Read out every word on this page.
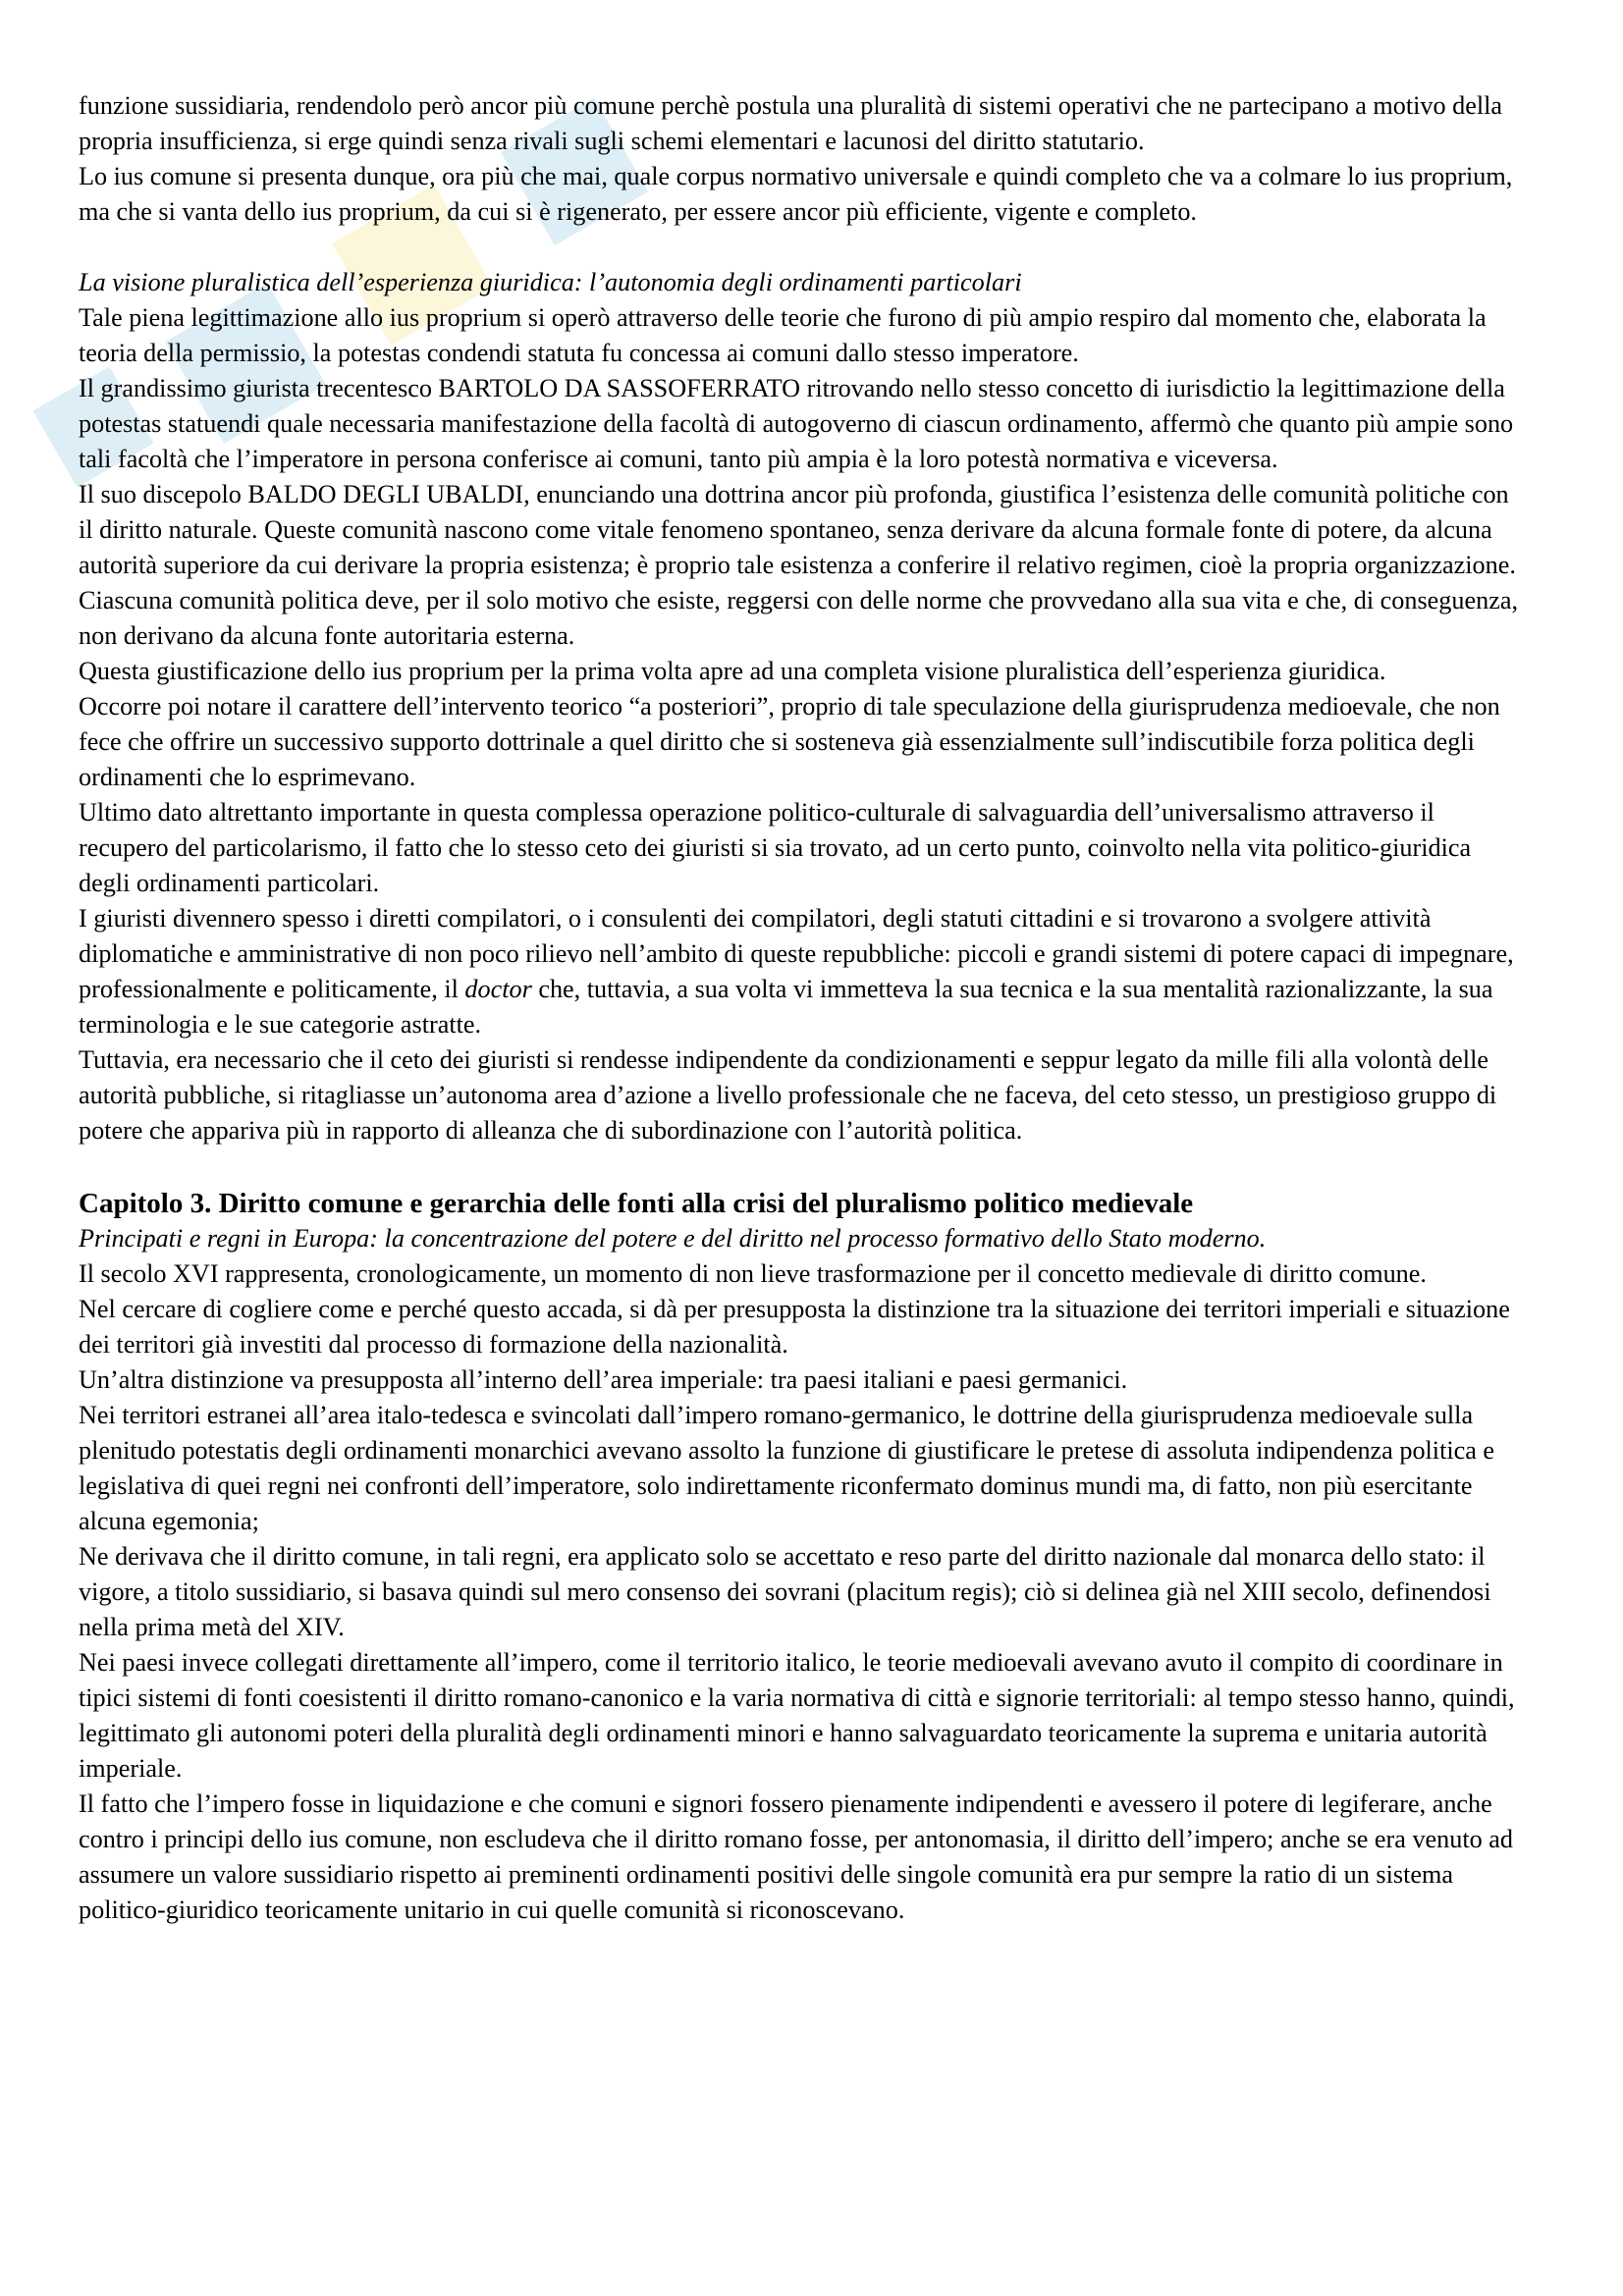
funzione sussidiaria, rendendolo però ancor più comune perchè postula una pluralità di sistemi operativi che ne partecipano a motivo della propria insufficienza, si erge quindi senza rivali sugli schemi elementari e lacunosi del diritto statutario.

Lo ius comune si presenta dunque, ora più che mai, quale corpus normativo universale e quindi completo che va a colmare lo ius proprium, ma che si vanta dello ius proprium, da cui si è rigenerato, per essere ancor più efficiente, vigente e completo.

La visione pluralistica dell’esperienza giuridica: l’autonomia degli ordinamenti particolari

Tale piena legittimazione allo ius proprium si operò attraverso delle teorie che furono di più ampio respiro dal momento che, elaborata la teoria della permissio, la potestas condendi statuta fu concessa ai comuni dallo stesso imperatore.

Il grandissimo giurista trecentesco BARTOLO DA SASSOFERRATO ritrovando nello stesso concetto di iurisdictio la legittimazione della potestas statuendi quale necessaria manifestazione della facoltà di autogoverno di ciascun ordinamento, affermò che quanto più ampie sono tali facoltà che l’imperatore in persona conferisce ai comuni, tanto più ampia è la loro potestà normativa e viceversa.

Il suo discepolo BALDO DEGLI UBALDI, enunciando una dottrina ancor più profonda, giustifica l’esistenza delle comunità politiche con il diritto naturale. Queste comunità nascono come vitale fenomeno spontaneo, senza derivare da alcuna formale fonte di potere, da alcuna autorità superiore da cui derivare la propria esistenza; è proprio tale esistenza a conferire il relativo regimen, cioè la propria organizzazione. Ciascuna comunità politica deve, per il solo motivo che esiste, reggersi con delle norme che provvedano alla sua vita e che, di conseguenza, non derivano da alcuna fonte autoritaria esterna.

Questa giustificazione dello ius proprium per la prima volta apre ad una completa visione pluralistica dell’esperienza giuridica.

Occorre poi notare il carattere dell’intervento teorico “a posteriori”, proprio di tale speculazione della giurisprudenza medioevale, che non fece che offrire un successivo supporto dottrinale a quel diritto che si sosteneva già essenzialmente sull’indiscutibile forza politica degli ordinamenti che lo esprimevano.

Ultimo dato altrettanto importante in questa complessa operazione politico-culturale di salvaguardia dell’universalismo attraverso il recupero del particolarismo, il fatto che lo stesso ceto dei giuristi si sia trovato, ad un certo punto, coinvolto nella vita politico-giuridica degli ordinamenti particolari.

I giuristi divennero spesso i diretti compilatori, o i consulenti dei compilatori, degli statuti cittadini e si trovarono a svolgere attività diplomatiche e amministrative di non poco rilievo nell’ambito di queste repubbliche: piccoli e grandi sistemi di potere capaci di impegnare, professionalmente e politicamente, il doctor che, tuttavia, a sua volta vi immetteva la sua tecnica e la sua mentalità razionalizzante, la sua terminologia e le sue categorie astratte.

Tuttavia, era necessario che il ceto dei giuristi si rendesse indipendente da condizionamenti e seppur legato da mille fili alla volontà delle autorità pubbliche, si ritagliasse un’autonoma area d’azione a livello professionale che ne faceva, del ceto stesso, un prestigioso gruppo di potere che appariva più in rapporto di alleanza che di subordinazione con l’autorità politica.

Capitolo 3. Diritto comune e gerarchia delle fonti alla crisi del pluralismo politico medievale

Principati e regni in Europa: la concentrazione del potere e del diritto nel processo formativo dello Stato moderno.

Il secolo XVI rappresenta, cronologicamente, un momento di non lieve trasformazione per il concetto medievale di diritto comune.

Nel cercare di cogliere come e perché questo accada, si dà per presupposta la distinzione tra la situazione dei territori imperiali e situazione dei territori già investiti dal processo di formazione della nazionalità.

Un’altra distinzione va presupposta all’interno dell’area imperiale: tra paesi italiani e paesi germanici.

Nei territori estranei all’area italo-tedesca e svincolati dall’impero romano-germanico, le dottrine della giurisprudenza medioevale sulla plenitudo potestatis degli ordinamenti monarchici avevano assolto la funzione di giustificare le pretese di assoluta indipendenza politica e legislativa di quei regni nei confronti dell’imperatore, solo indirettamente riconfermato dominus mundi ma, di fatto, non più esercitante alcuna egemonia;

Ne derivava che il diritto comune, in tali regni, era applicato solo se accettato e reso parte del diritto nazionale dal monarca dello stato: il vigore, a titolo sussidiario, si basava quindi sul mero consenso dei sovrani (placitum regis); ciò si delinea già nel XIII secolo, definendosi nella prima metà del XIV.

Nei paesi invece collegati direttamente all’impero, come il territorio italico, le teorie medioevali avevano avuto il compito di coordinare in tipici sistemi di fonti coesistenti il diritto romano-canonico e la varia normativa di città e signorie territoriali: al tempo stesso hanno, quindi, legittimato gli autonomi poteri della pluralità degli ordinamenti minori e hanno salvaguardato teoricamente la suprema e unitaria autorità imperiale.

Il fatto che l’impero fosse in liquidazione e che comuni e signori fossero pienamente indipendenti e avessero il potere di legiferare, anche contro i principi dello ius comune, non escludeva che il diritto romano fosse, per antonomasia, il diritto dell’impero; anche se era venuto ad assumere un valore sussidiario rispetto ai preminenti ordinamenti positivi delle singole comunità era pur sempre la ratio di un sistema politico-giuridico teoricamente unitario in cui quelle comunità si riconoscevano.
